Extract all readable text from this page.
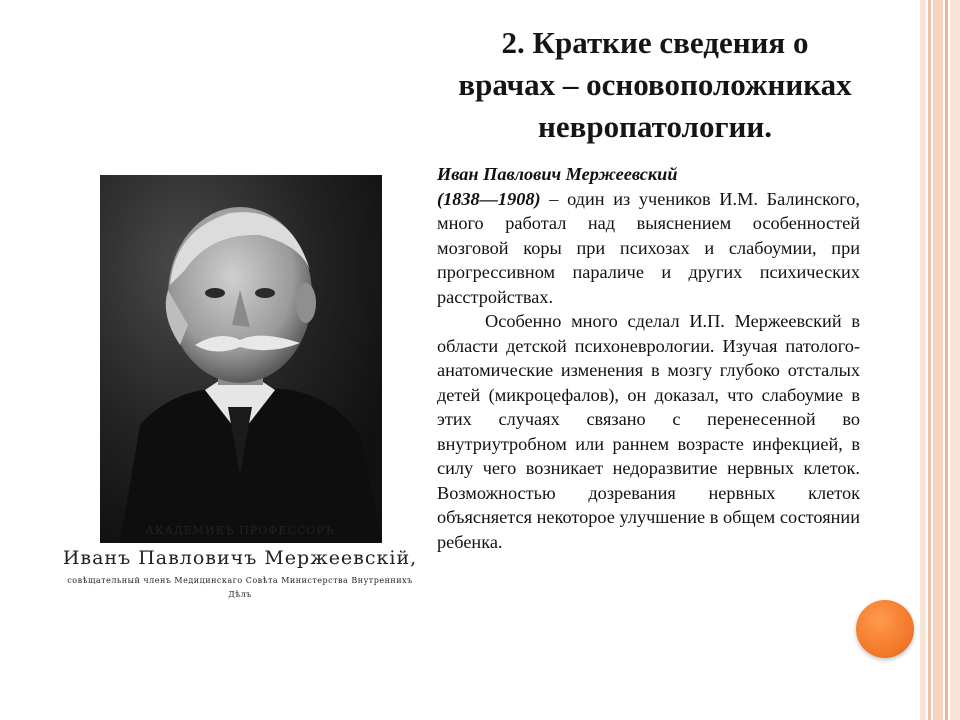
2. Краткие сведения о
врачах – основоположниках
невропатологии.
АКАДЕМИКЪ ПРОФЕССОРЪ
Иванъ Павловичъ Мержеевскій,
совѣщательный членъ Медицинскаго Совѣта Министерства Внутреннихъ Дѣлъ

Иван Павлович Мержеевский
(1838—1908) – один из учеников И.М. Балинского, много работал над выяснением особенностей мозговой коры при психозах и слабоумии, при прогрессивном параличе и других психических расстройствах.

Особенно много сделал И.П. Мержеевский в области детской психоневрологии. Изучая патолого-анатомические изменения в мозгу глубоко отсталых детей (микроцефалов), он доказал, что слабоумие в этих случаях связано с перенесенной во внутриутробном или раннем возрасте инфекцией, в силу чего возникает недоразвитие нервных клеток. Возможностью дозревания нервных клеток объясняется некоторое улучшение в общем состоянии ребенка.
